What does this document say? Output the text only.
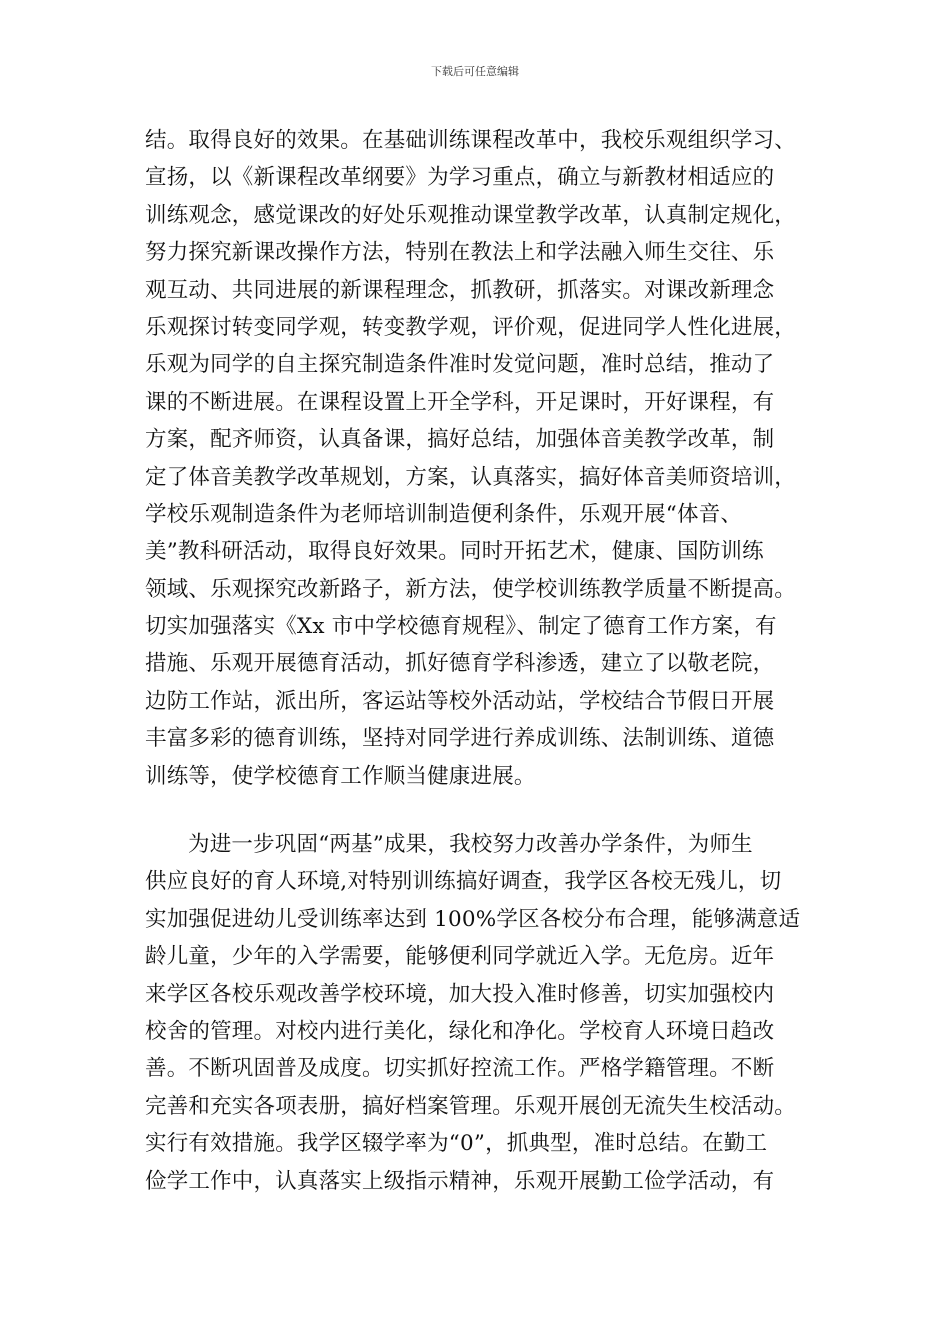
下载后可任意编辑
结。取得良好的效果。在基础训练课程改革中，我校乐观组织学习、
宣扬，以《新课程改革纲要》为学习重点，确立与新教材相适应的
训练观念，感觉课改的好处乐观推动课堂教学改革，认真制定规化，
努力探究新课改操作方法，特别在教法上和学法融入师生交往、乐
观互动、共同进展的新课程理念，抓教研，抓落实。对课改新理念
乐观探讨转变同学观，转变教学观，评价观，促进同学人性化进展，
乐观为同学的自主探究制造条件准时发觉问题，准时总结，推动了
课的不断进展。在课程设置上开全学科，开足课时，开好课程，有
方案，配齐师资，认真备课，搞好总结，加强体音美教学改革，制
定了体音美教学改革规划，方案，认真落实，搞好体音美师资培训，
学校乐观制造条件为老师培训制造便利条件，乐观开展“体音、
美”教科研活动，取得良好效果。同时开拓艺术，健康、国防训练
领域、乐观探究改新路子，新方法，使学校训练教学质量不断提高。
切实加强落实《Xx 市中学校德育规程》、制定了德育工作方案，有
措施、乐观开展德育活动，抓好德育学科渗透，建立了以敬老院，
边防工作站，派出所，客运站等校外活动站，学校结合节假日开展
丰富多彩的德育训练，坚持对同学进行养成训练、法制训练、道德
训练等，使学校德育工作顺当健康进展。
为进一步巩固“两基”成果，我校努力改善办学条件，为师生
供应良好的育人环境,对特别训练搞好调查，我学区各校无残儿，切
实加强促进幼儿受训练率达到 100%学区各校分布合理，能够满意适
龄儿童，少年的入学需要，能够便利同学就近入学。无危房。近年
来学区各校乐观改善学校环境，加大投入准时修善，切实加强校内
校舍的管理。对校内进行美化，绿化和净化。学校育人环境日趋改
善。不断巩固普及成度。切实抓好控流工作。严格学籍管理。不断
完善和充实各项表册，搞好档案管理。乐观开展创无流失生校活动。
实行有效措施。我学区辍学率为“0”，抓典型，准时总结。在勤工
俭学工作中，认真落实上级指示精神，乐观开展勤工俭学活动，有
